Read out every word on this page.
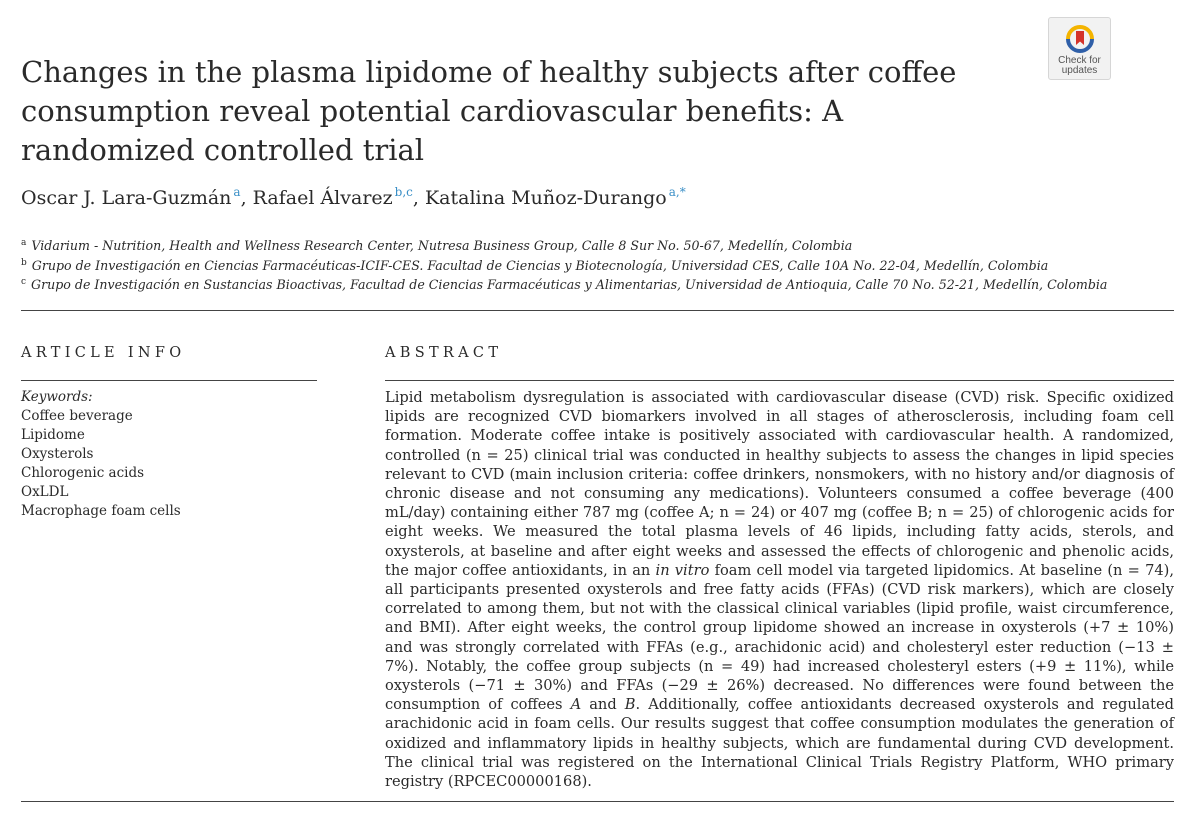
Changes in the plasma lipidome of healthy subjects after coffee consumption reveal potential cardiovascular benefits: A randomized controlled trial
Check for
updates
Oscar J. Lara-Guzmán $^a$, Rafael Álvarez $^{b,c}$, Katalina Muñoz-Durango $^{a,*}$
$^a$ Vidarium - Nutrition, Health and Wellness Research Center, Nutresa Business Group, Calle 8 Sur No. 50-67, Medellín, Colombia
$^b$ Grupo de Investigación en Ciencias Farmacéuticas-ICIF-CES. Facultad de Ciencias y Biotecnología, Universidad CES, Calle 10A No. 22-04, Medellín, Colombia
$^c$ Grupo de Investigación en Sustancias Bioactivas, Facultad de Ciencias Farmacéuticas y Alimentarias, Universidad de Antioquia, Calle 70 No. 52-21, Medellín, Colombia
ARTICLE INFO	ABSTRACT
Keywords:
Coffee beverage
Lipidome
Oxysterols
Chlorogenic acids
OxLDL
Macrophage foam cells

Lipid metabolism dysregulation is associated with cardiovascular disease (CVD) risk. Specific oxidized lipids are recognized CVD biomarkers involved in all stages of atherosclerosis, including foam cell formation. Moderate coffee intake is positively associated with cardiovascular health. A randomized, controlled (n = 25) clinical trial was conducted in healthy subjects to assess the changes in lipid species relevant to CVD (main inclusion criteria: coffee drinkers, nonsmokers, with no history and/or diagnosis of chronic disease and not consuming any medications). Volunteers consumed a coffee beverage (400 mL/day) containing either 787 mg (coffee A; n = 24) or 407 mg (coffee B; n = 25) of chlorogenic acids for eight weeks. We measured the total plasma levels of 46 lipids, including fatty acids, sterols, and oxysterols, at baseline and after eight weeks and assessed the effects of chlorogenic and phenolic acids, the major coffee antioxidants, in an in vitro foam cell model via targeted lipidomics. At baseline (n = 74), all participants presented oxysterols and free fatty acids (FFAs) (CVD risk markers), which are closely correlated to among them, but not with the classical clinical variables (lipid profile, waist circumference, and BMI). After eight weeks, the control group lipidome showed an increase in oxysterols (+7 ± 10%) and was strongly correlated with FFAs (e.g., arachidonic acid) and cholesteryl ester reduction (−13 ± 7%). Notably, the coffee group subjects (n = 49) had increased cholesteryl esters (+9 ± 11%), while oxysterols (−71 ± 30%) and FFAs (−29 ± 26%) decreased. No differences were found between the consumption of coffees A and B. Additionally, coffee antioxidants decreased oxysterols and regulated arachidonic acid in foam cells. Our results suggest that coffee consumption modulates the generation of oxidized and inflammatory lipids in healthy subjects, which are fundamental during CVD development. The clinical trial was registered on the International Clinical Trials Registry Platform, WHO primary registry (RPCEC00000168).
